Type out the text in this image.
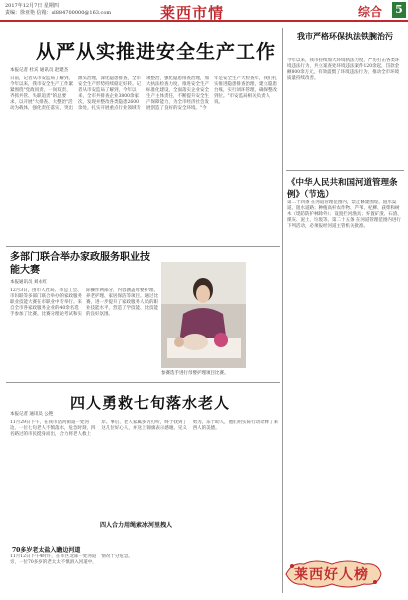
2017年12月7日 星期四
责编：徐亚艳 信箱：sl884700000@163.com	莱西市情	综合 5
从严从实推进安全生产工作
本报记者 杜宾 通讯员 赵建杰
日前，记者从市安监局了解到，今年以来，我市安全生产工作紧紧围绕"党政同责、一岗双责、齐抓共管、失职追责"的总要求，以开展"大排查、大整治"活动为载体，强化责任落实，突出源头治理，深化隐患排查，全市安全生产形势持续稳定好转。记者从市安监局了解到，今年以来，全市共排查企业3800余家次，发现并整改各类隐患2600余处。扎实开展重点行业领域专项整治，强化隐患排查治理，加大执法检查力度，推进安全生产标准化建设，全面落实企业安全生产主体责任，不断提升安全生产保障能力，为全市经济社会发展创造了良好的安全环境。"今年是安全生产大检查年，我们扎实推进隐患排查治理，建立隐患台账，实行闭环管理，确保整改到位。"市安监局相关负责人说。
我市严格环保执法铁腕治污
今年以来，我市持续加大环境执法力度，严厉打击各类环境违法行为，共立案查处环境违法案件120余起，罚款金额800余万元，有效震慑了环境违法行为，推动全市环境质量持续改善。
《中华人民共和国河道管理条例》（节选）
第二十四条 在河道管理范围内，禁止修建围堤、阻水渠道、阻水道路；种植高杆农作物、芦苇、杞柳、荻柴和树木（堤防防护林除外）；设置拦河渔具；弃置矿渣、石渣、煤灰、泥土、垃圾等。第二十五条 在河道管理范围内进行下列活动，必须报经河道主管机关批准。
多部门联合举办家政服务职业技能大赛
本报通讯员 刘永红
12月3日，由市人社局、市总工会、市妇联等多部门联合举办的家政服务职业技能大赛在市职业中专举行。来自全市各家政服务企业的40余名选手参加了比赛。比赛分理论考试和实际操作两部分，内容涵盖母婴护理、养老护理、家居保洁等项目。通过比赛，进一步提升了家政服务人员的职业技能水平，营造了学技能、比技能的良好氛围。
参赛选手进行母婴护理项目比赛。
四人勇救七旬落水老人
本报记者 通讯员 公艳
11月29日下午，在我市沽河街道一处河边，一位七旬老人不慎落水，危急时刻，四名路过的市民挺身而出，合力将老人救上岸。事后，老人家属多方打听，终于找到了这几位好心人，并送上锦旗表示感谢。见义勇为、乐于助人，他们用实际行动诠释了莱西人的美德。
四人合力用绳索冰河里拽人
70多岁老太盐入瞻边河道
11月12日下午4时许，在市区北部一处河道旁，一位70多岁的老太太不慎滑入河道中，情况十分危急。
莱西好人榜
